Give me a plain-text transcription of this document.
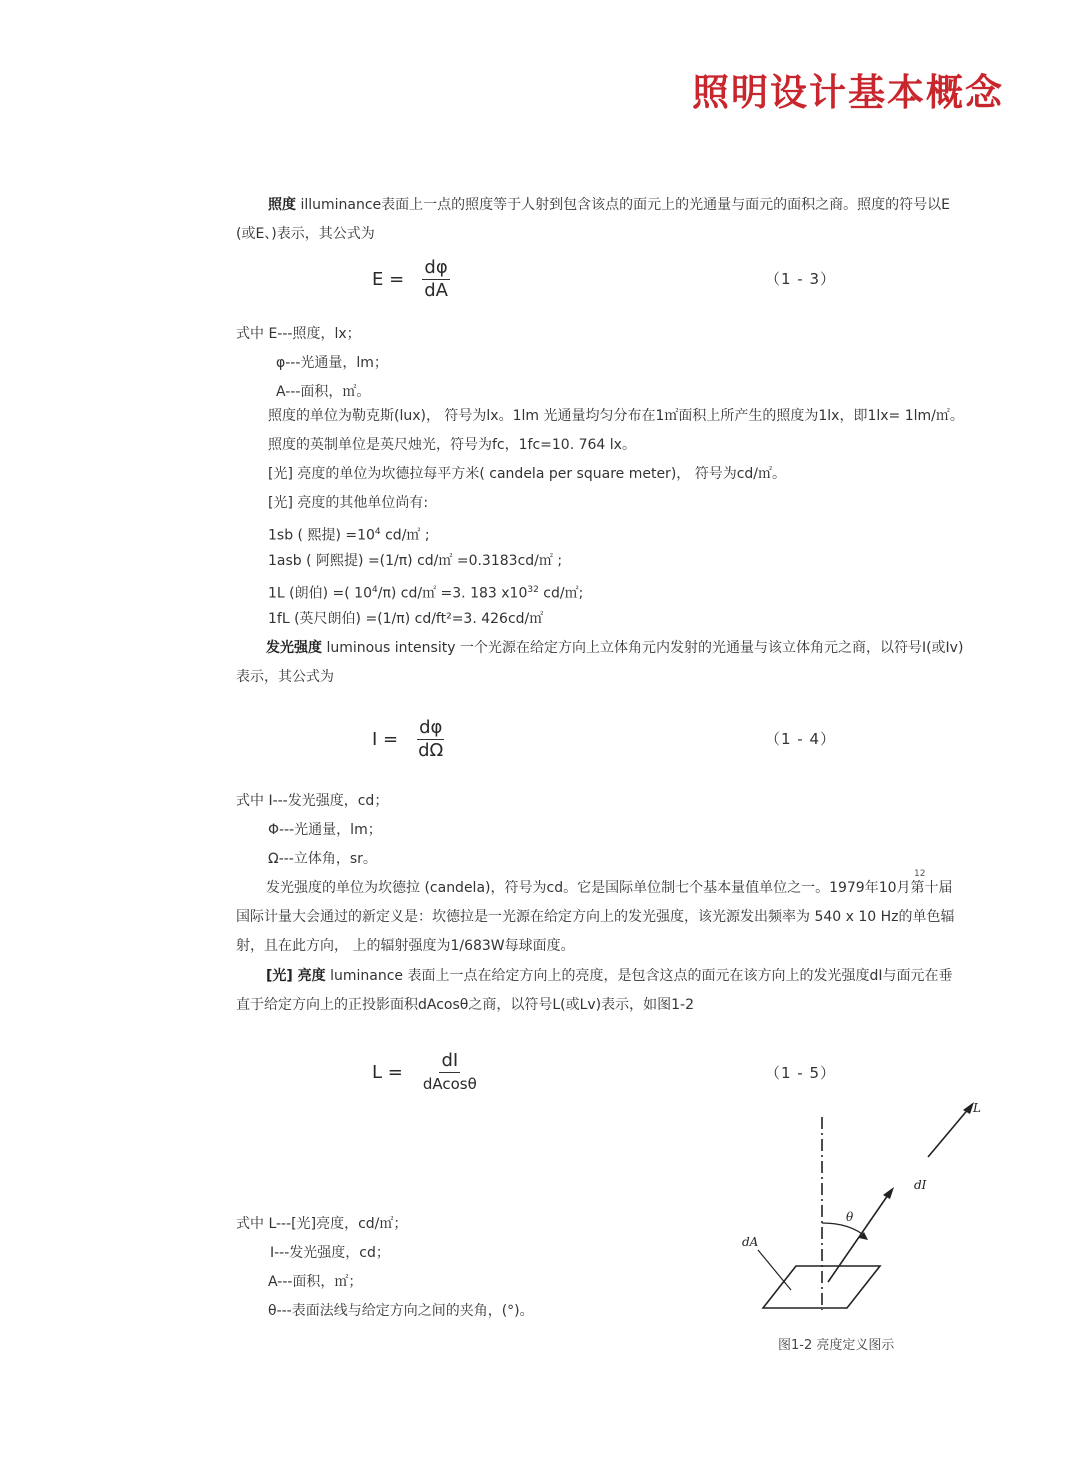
照明设计基本概念
照度 illuminance表面上一点的照度等于人射到包含该点的面元上的光通量与面元的面积之商。照度的符号以E
(或E、)表示，其公式为
$E = \frac{d\varphi}{dA}$	（1 - 3）
式中 E---照度，lx；
φ---光通量，lm；
A---面积，㎡。
照度的单位为勒克斯(lux)， 符号为lx。1lm 光通量均匀分布在1㎡面积上所产生的照度为1lx，即1lx= 1lm/㎡。
照度的英制单位是英尺烛光，符号为fc，1fc=10. 764 lx。
[光] 亮度的单位为坎德拉每平方米( candela per square meter)， 符号为cd/㎡。
[光] 亮度的其他单位尚有:
1sb ( 熙提) $=10^4$ cd/㎡ ;
1asb ( 阿熙提) =(1/π) cd/㎡ =0.3183cd/㎡ ;
1L (朗伯) =( $10^4/\pi$) cd/㎡ =3. 183 $x10^{32}$ cd/㎡;
1fL (英尺朗伯) =(1/π) cd/ft²=3. 426cd/㎡
发光强度 luminous intensity 一个光源在给定方向上立体角元内发射的光通量与该立体角元之商，以符号I(或Iv)
表示，其公式为
$I = \frac{d\varphi}{d\Omega}$	（1 - 4）
式中 I---发光强度，cd；
Φ---光通量，lm；
Ω---立体角，sr。
12
发光强度的单位为坎德拉 (candela)，符号为cd。它是国际单位制七个基本量值单位之一。1979年10月第十届
国际计量大会通过的新定义是：坎德拉是一光源在给定方向上的发光强度，该光源发出频率为 540 x 10 Hz的单色辐
射，且在此方向， 上的辐射强度为1/683W每球面度。
[光] 亮度 luminance 表面上一点在给定方向上的亮度，是包含这点的面元在该方向上的发光强度dI与面元在垂
直于给定方向上的正投影面积dAcosθ之商，以符号L(或Lv)表示，如图1-2
$L = \frac{dI}{dAcos\theta}$	（1 - 5）
式中 L---[光]亮度，cd/㎡；
I---发光强度，cd；
A---面积，㎡；
θ---表面法线与给定方向之间的夹角，(°)。
L
dI
θ
dA
图1-2 亮度定义图示
